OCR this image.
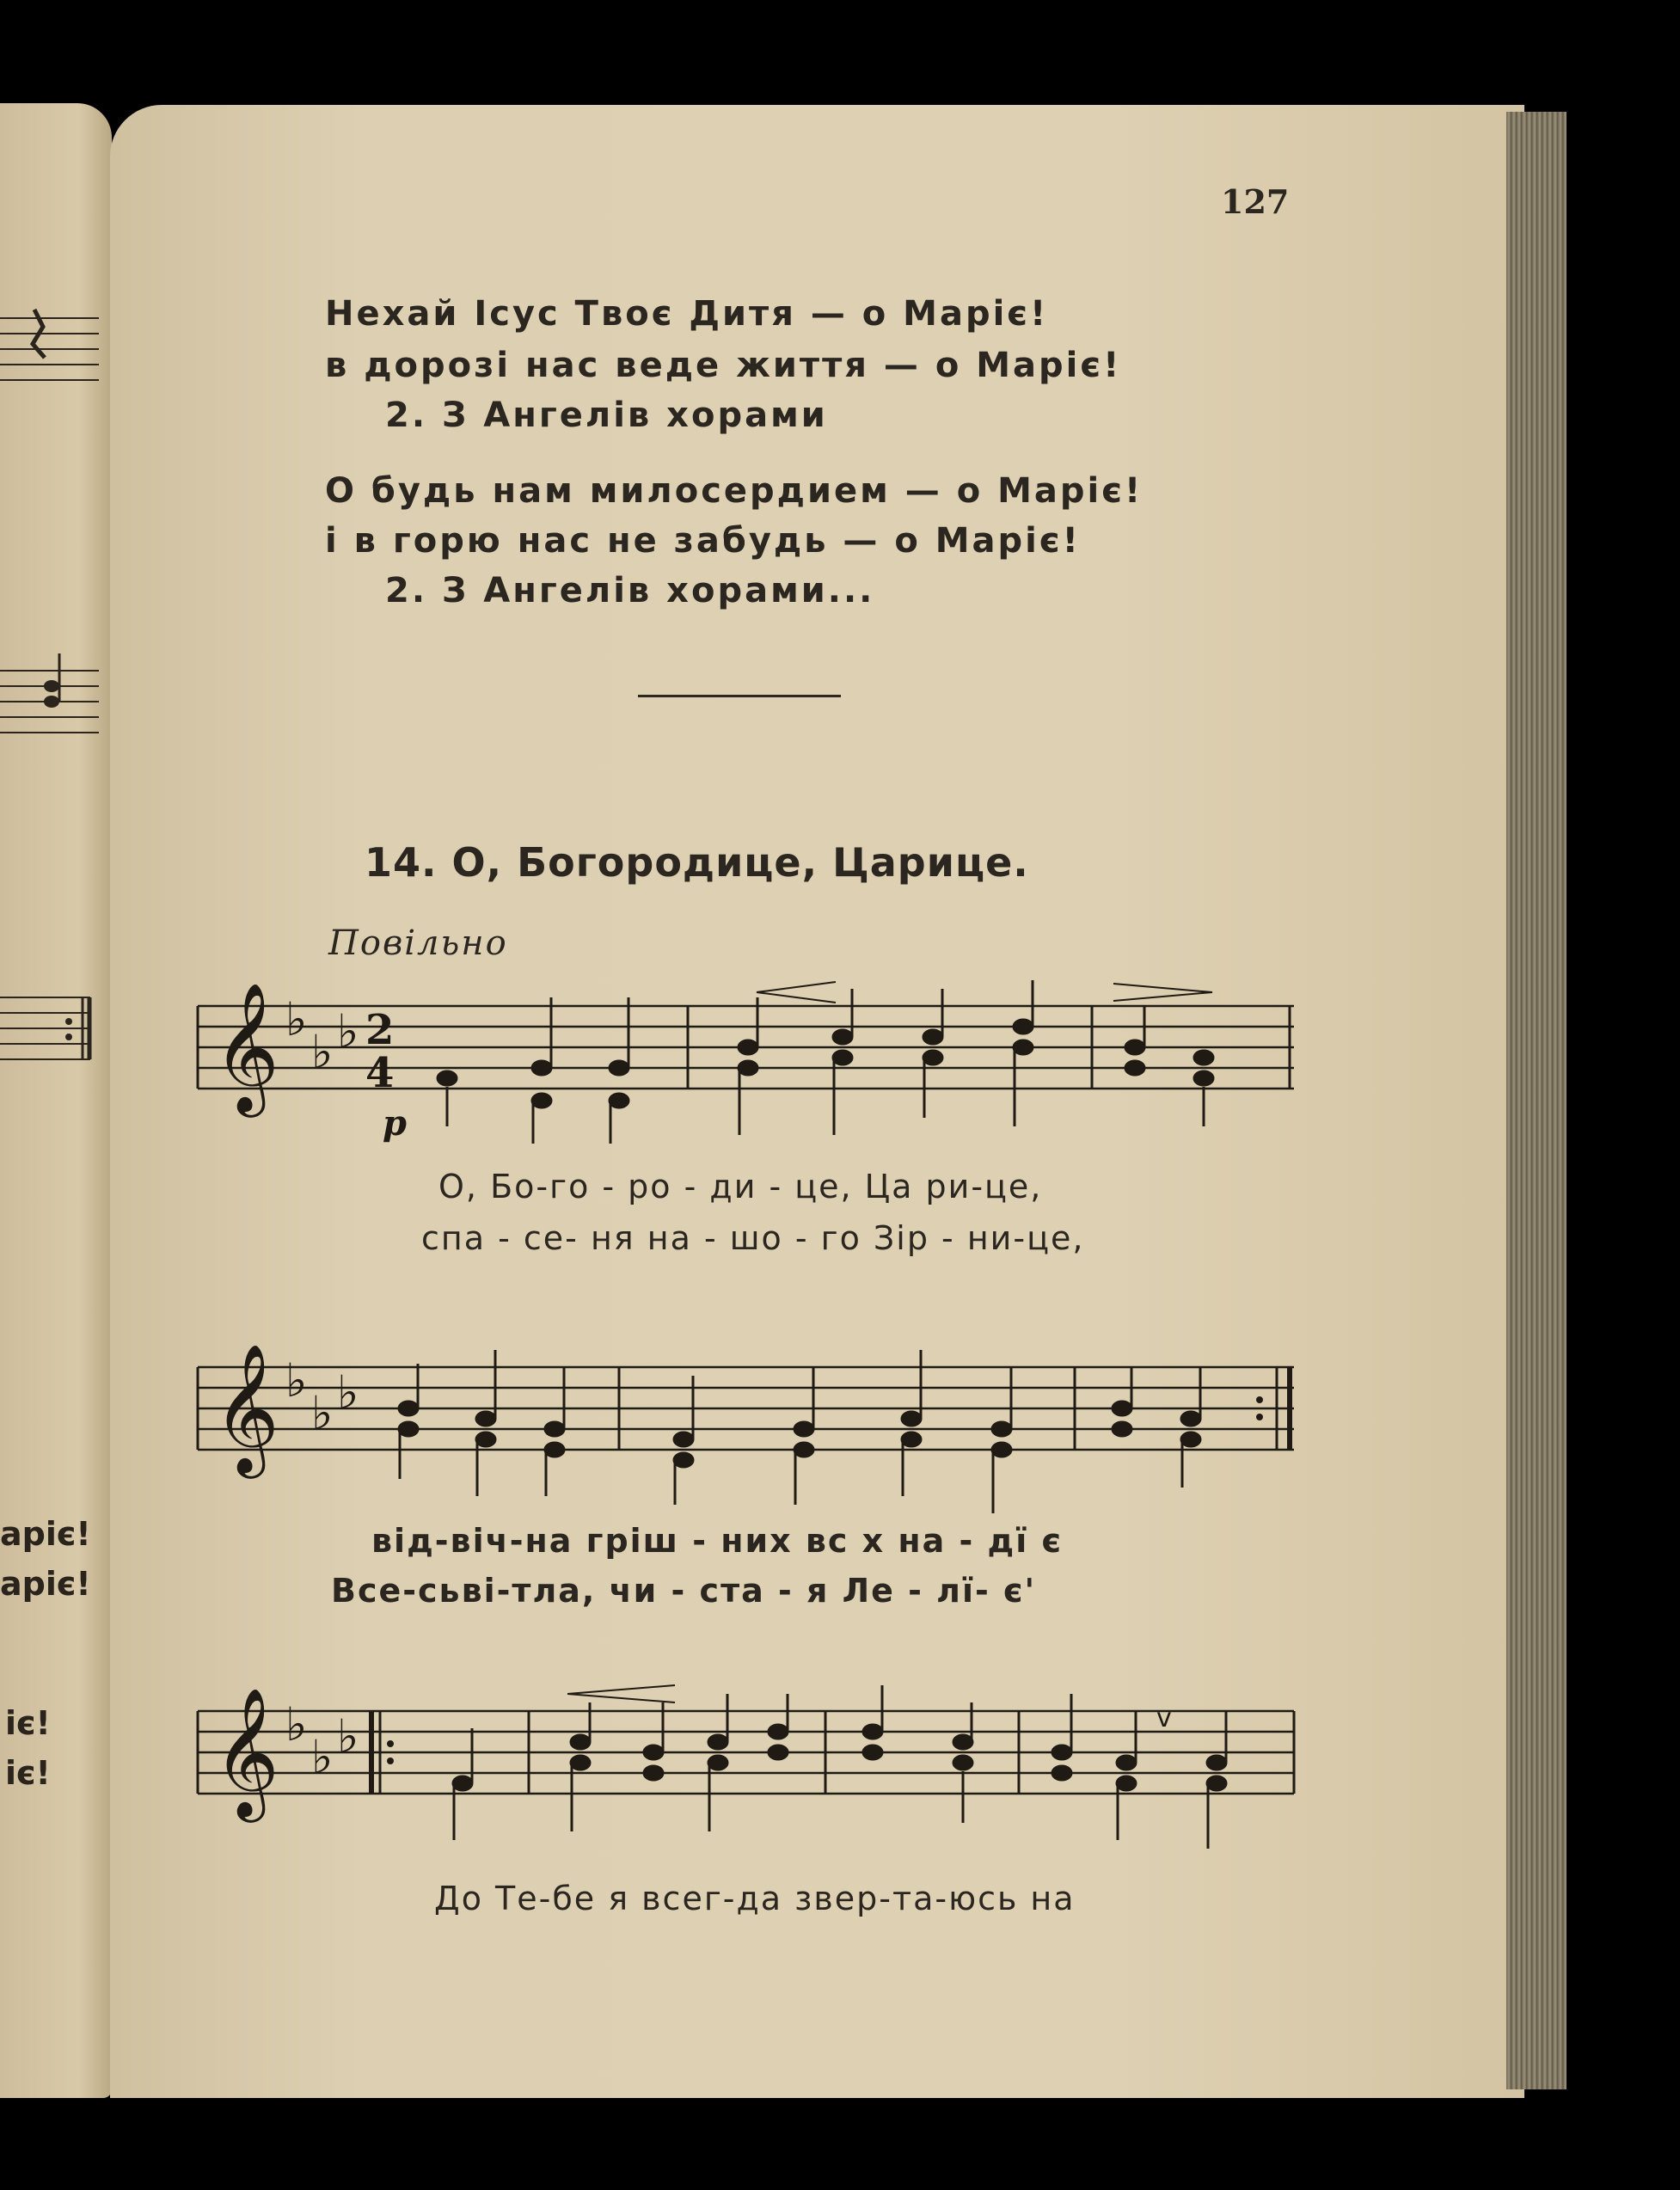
аріє!
аріє!
іє!
іє!
127
Нехай Ісус Твоє Дитя — о Маріє!
в дорозі нас веде життя — о Маріє!
2. З Ангелів хорами
О будь нам милосердием — о Маріє!
і в горю нас не забудь — о Маріє!
2. З Ангелів хорами...
14. О, Богородице, Царице.
Повільно
𝄞 ♭
♭ ♭ 2
4
p
О, Бо-го - ро - ди - це, Ца ри-це,
спа - се- ня на - шо - го Зір - ни-це,
𝄞 ♭
♭ ♭
від-віч-на гріш - них вс х на - дї є
Все-сьві-тла, чи - ста - я Ле - лї- є'
𝄞 ♭
♭ ♭	v
До Те-бе я всег-да звер-та-юсь на
